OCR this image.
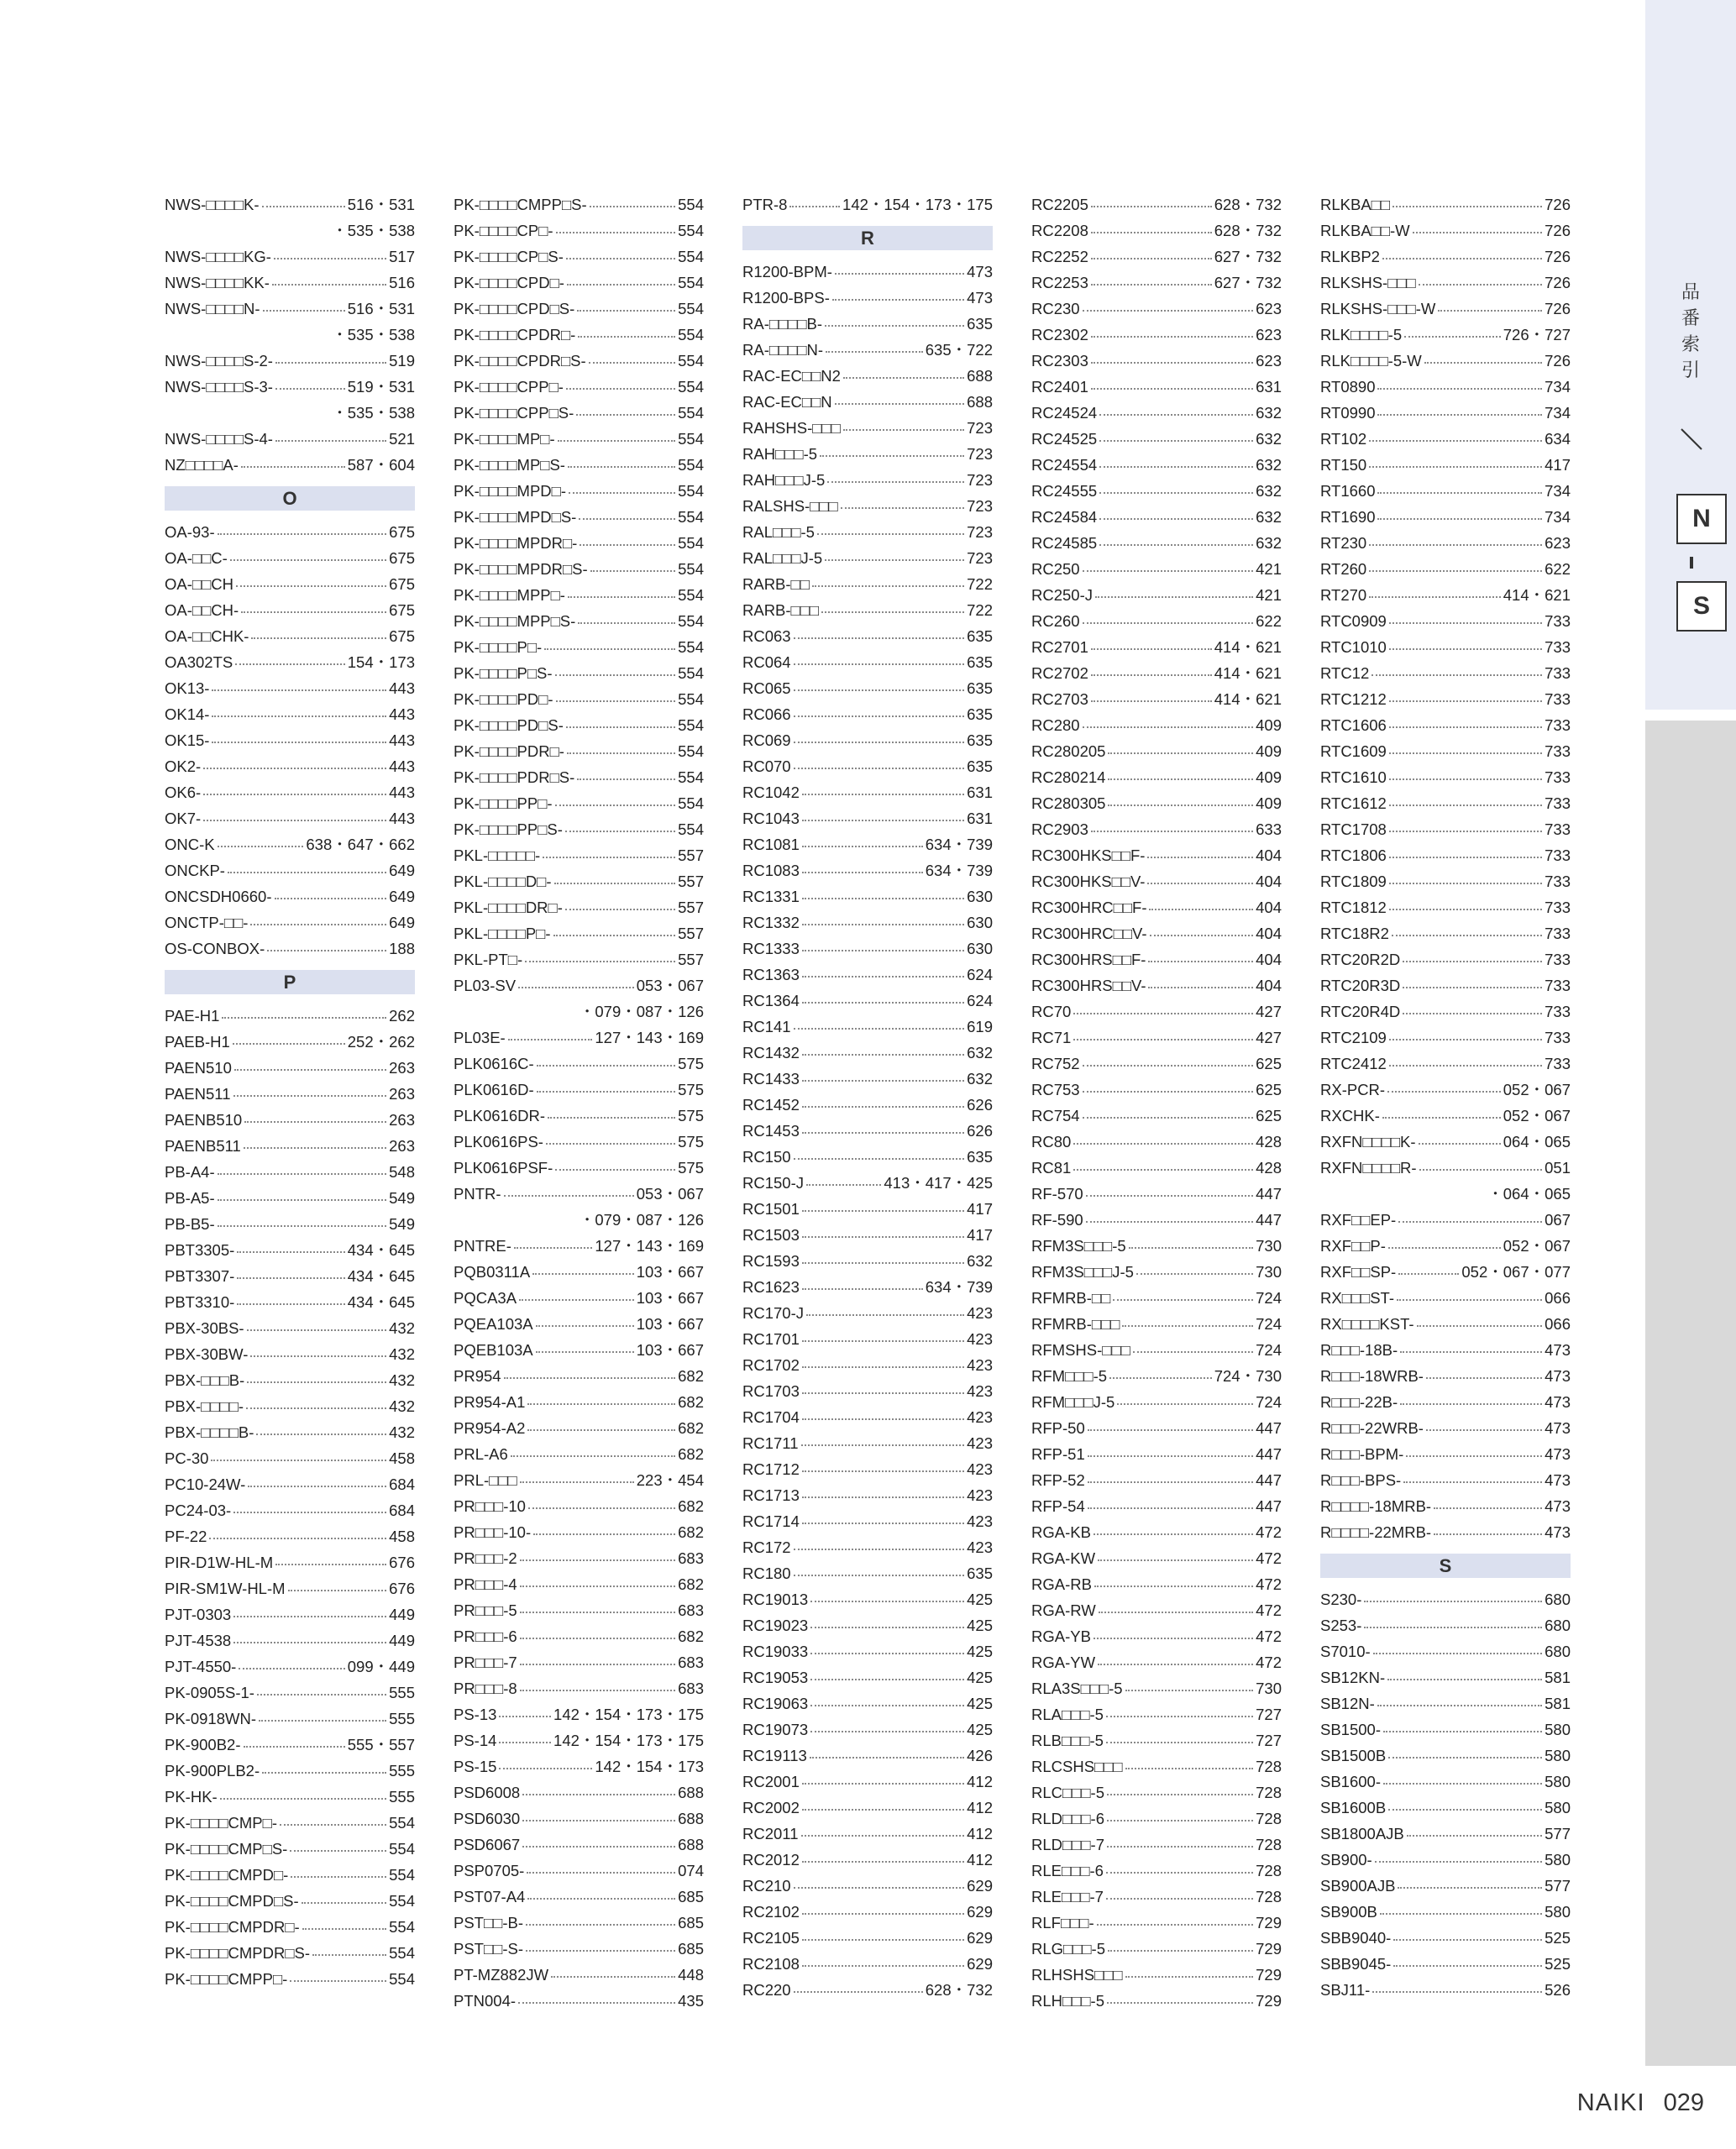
NWS-□□□□K-	516・531
・535・538
NWS-□□□□KG-	517
NWS-□□□□KK-	516
NWS-□□□□N-	516・531
・535・538
NWS-□□□□S-2-	519
NWS-□□□□S-3-	519・531
・535・538
NWS-□□□□S-4-	521
NZ□□□□A-	587・604
O
OA-93-	675
OA-□□C-	675
OA-□□CH	675
OA-□□CH-	675
OA-□□CHK-	675
OA302TS	154・173
OK13-	443
OK14-	443
OK15-	443
OK2-	443
OK6-	443
OK7-	443
ONC-K	638・647・662
ONCKP-	649
ONCSDH0660-	649
ONCTP-□□-	649
OS-CONBOX-	188
P
PAE-H1	262
PAEB-H1	252・262
PAEN510	263
PAEN511	263
PAENB510	263
PAENB511	263
PB-A4-	548
PB-A5-	549
PB-B5-	549
PBT3305-	434・645
PBT3307-	434・645
PBT3310-	434・645
PBX-30BS-	432
PBX-30BW-	432
PBX-□□□B-	432
PBX-□□□□-	432
PBX-□□□□B-	432
PC-30	458
PC10-24W-	684
PC24-03-	684
PF-22	458
PIR-D1W-HL-M	676
PIR-SM1W-HL-M	676
PJT-0303	449
PJT-4538	449
PJT-4550-	099・449
PK-0905S-1-	555
PK-0918WN-	555
PK-900B2-	555・557
PK-900PLB2-	555
PK-HK-	555
PK-□□□□CMP□-	554
PK-□□□□CMP□S-	554
PK-□□□□CMPD□-	554
PK-□□□□CMPD□S-	554
PK-□□□□CMPDR□-	554
PK-□□□□CMPDR□S-	554
PK-□□□□CMPP□-	554
PK-□□□□CMPP□S-	554
PK-□□□□CP□-	554
PK-□□□□CP□S-	554
PK-□□□□CPD□-	554
PK-□□□□CPD□S-	554
PK-□□□□CPDR□-	554
PK-□□□□CPDR□S-	554
PK-□□□□CPP□-	554
PK-□□□□CPP□S-	554
PK-□□□□MP□-	554
PK-□□□□MP□S-	554
PK-□□□□MPD□-	554
PK-□□□□MPD□S-	554
PK-□□□□MPDR□-	554
PK-□□□□MPDR□S-	554
PK-□□□□MPP□-	554
PK-□□□□MPP□S-	554
PK-□□□□P□-	554
PK-□□□□P□S-	554
PK-□□□□PD□-	554
PK-□□□□PD□S-	554
PK-□□□□PDR□-	554
PK-□□□□PDR□S-	554
PK-□□□□PP□-	554
PK-□□□□PP□S-	554
PKL-□□□□□-	557
PKL-□□□□D□-	557
PKL-□□□□DR□-	557
PKL-□□□□P□-	557
PKL-PT□-	557
PL03-SV	053・067
・079・087・126
PL03E-	127・143・169
PLK0616C-	575
PLK0616D-	575
PLK0616DR-	575
PLK0616PS-	575
PLK0616PSF-	575
PNTR-	053・067
・079・087・126
PNTRE-	127・143・169
PQB0311A	103・667
PQCA3A	103・667
PQEA103A	103・667
PQEB103A	103・667
PR954	682
PR954-A1	682
PR954-A2	682
PRL-A6	682
PRL-□□□	223・454
PR□□□-10	682
PR□□□-10-	682
PR□□□-2	683
PR□□□-4	682
PR□□□-5	683
PR□□□-6	682
PR□□□-7	683
PR□□□-8	683
PS-13	142・154・173・175
PS-14	142・154・173・175
PS-15	142・154・173
PSD6008	688
PSD6030	688
PSD6067	688
PSP0705-	074
PST07-A4	685
PST□□-B-	685
PST□□-S-	685
PT-MZ882JW	448
PTN004-	435
PTR-8	142・154・173・175
R
R1200-BPM-	473
R1200-BPS-	473
RA-□□□□B-	635
RA-□□□□N-	635・722
RAC-EC□□N2	688
RAC-EC□□N	688
RAHSHS-□□□	723
RAH□□□-5	723
RAH□□□J-5	723
RALSHS-□□□	723
RAL□□□-5	723
RAL□□□J-5	723
RARB-□□	722
RARB-□□□	722
RC063	635
RC064	635
RC065	635
RC066	635
RC069	635
RC070	635
RC1042	631
RC1043	631
RC1081	634・739
RC1083	634・739
RC1331	630
RC1332	630
RC1333	630
RC1363	624
RC1364	624
RC141	619
RC1432	632
RC1433	632
RC1452	626
RC1453	626
RC150	635
RC150-J	413・417・425
RC1501	417
RC1503	417
RC1593	632
RC1623	634・739
RC170-J	423
RC1701	423
RC1702	423
RC1703	423
RC1704	423
RC1711	423
RC1712	423
RC1713	423
RC1714	423
RC172	423
RC180	635
RC19013	425
RC19023	425
RC19033	425
RC19053	425
RC19063	425
RC19073	425
RC19113	426
RC2001	412
RC2002	412
RC2011	412
RC2012	412
RC210	629
RC2102	629
RC2105	629
RC2108	629
RC220	628・732
RC2205	628・732
RC2208	628・732
RC2252	627・732
RC2253	627・732
RC230	623
RC2302	623
RC2303	623
RC2401	631
RC24524	632
RC24525	632
RC24554	632
RC24555	632
RC24584	632
RC24585	632
RC250	421
RC250-J	421
RC260	622
RC2701	414・621
RC2702	414・621
RC2703	414・621
RC280	409
RC280205	409
RC280214	409
RC280305	409
RC2903	633
RC300HKS□□F-	404
RC300HKS□□V-	404
RC300HRC□□F-	404
RC300HRC□□V-	404
RC300HRS□□F-	404
RC300HRS□□V-	404
RC70	427
RC71	427
RC752	625
RC753	625
RC754	625
RC80	428
RC81	428
RF-570	447
RF-590	447
RFM3S□□□-5	730
RFM3S□□□J-5	730
RFMRB-□□	724
RFMRB-□□□	724
RFMSHS-□□□	724
RFM□□□-5	724・730
RFM□□□J-5	724
RFP-50	447
RFP-51	447
RFP-52	447
RFP-54	447
RGA-KB	472
RGA-KW	472
RGA-RB	472
RGA-RW	472
RGA-YB	472
RGA-YW	472
RLA3S□□□-5	730
RLA□□□-5	727
RLB□□□-5	727
RLCSHS□□□	728
RLC□□□-5	728
RLD□□□-6	728
RLD□□□-7	728
RLE□□□-6	728
RLE□□□-7	728
RLF□□□-	729
RLG□□□-5	729
RLHSHS□□□	729
RLH□□□-5	729
RLKBA□□	726
RLKBA□□-W	726
RLKBP2	726
RLKSHS-□□□	726
RLKSHS-□□□-W	726
RLK□□□□-5	726・727
RLK□□□□-5-W	726
RT0890	734
RT0990	734
RT102	634
RT150	417
RT1660	734
RT1690	734
RT230	623
RT260	622
RT270	414・621
RTC0909	733
RTC1010	733
RTC12	733
RTC1212	733
RTC1606	733
RTC1609	733
RTC1610	733
RTC1612	733
RTC1708	733
RTC1806	733
RTC1809	733
RTC1812	733
RTC18R2	733
RTC20R2D	733
RTC20R3D	733
RTC20R4D	733
RTC2109	733
RTC2412	733
RX-PCR-	052・067
RXCHK-	052・067
RXFN□□□□K-	064・065
RXFN□□□□R-	051
・064・065
RXF□□EP-	067
RXF□□P-	052・067
RXF□□SP-	052・067・077
RX□□□ST-	066
RX□□□□KST-	066
R□□□-18B-	473
R□□□-18WRB-	473
R□□□-22B-	473
R□□□-22WRB-	473
R□□□-BPM-	473
R□□□-BPS-	473
R□□□□-18MRB-	473
R□□□□-22MRB-	473
S
S230-	680
S253-	680
S7010-	680
SB12KN-	581
SB12N-	581
SB1500-	580
SB1500B	580
SB1600-	580
SB1600B	580
SB1800AJB	577
SB900-	580
SB900AJB	577
SB900B	580
SBB9040-	525
SBB9045-	525
SBJ11-	526
品
番
索
引
N
S
NAIKI 029
